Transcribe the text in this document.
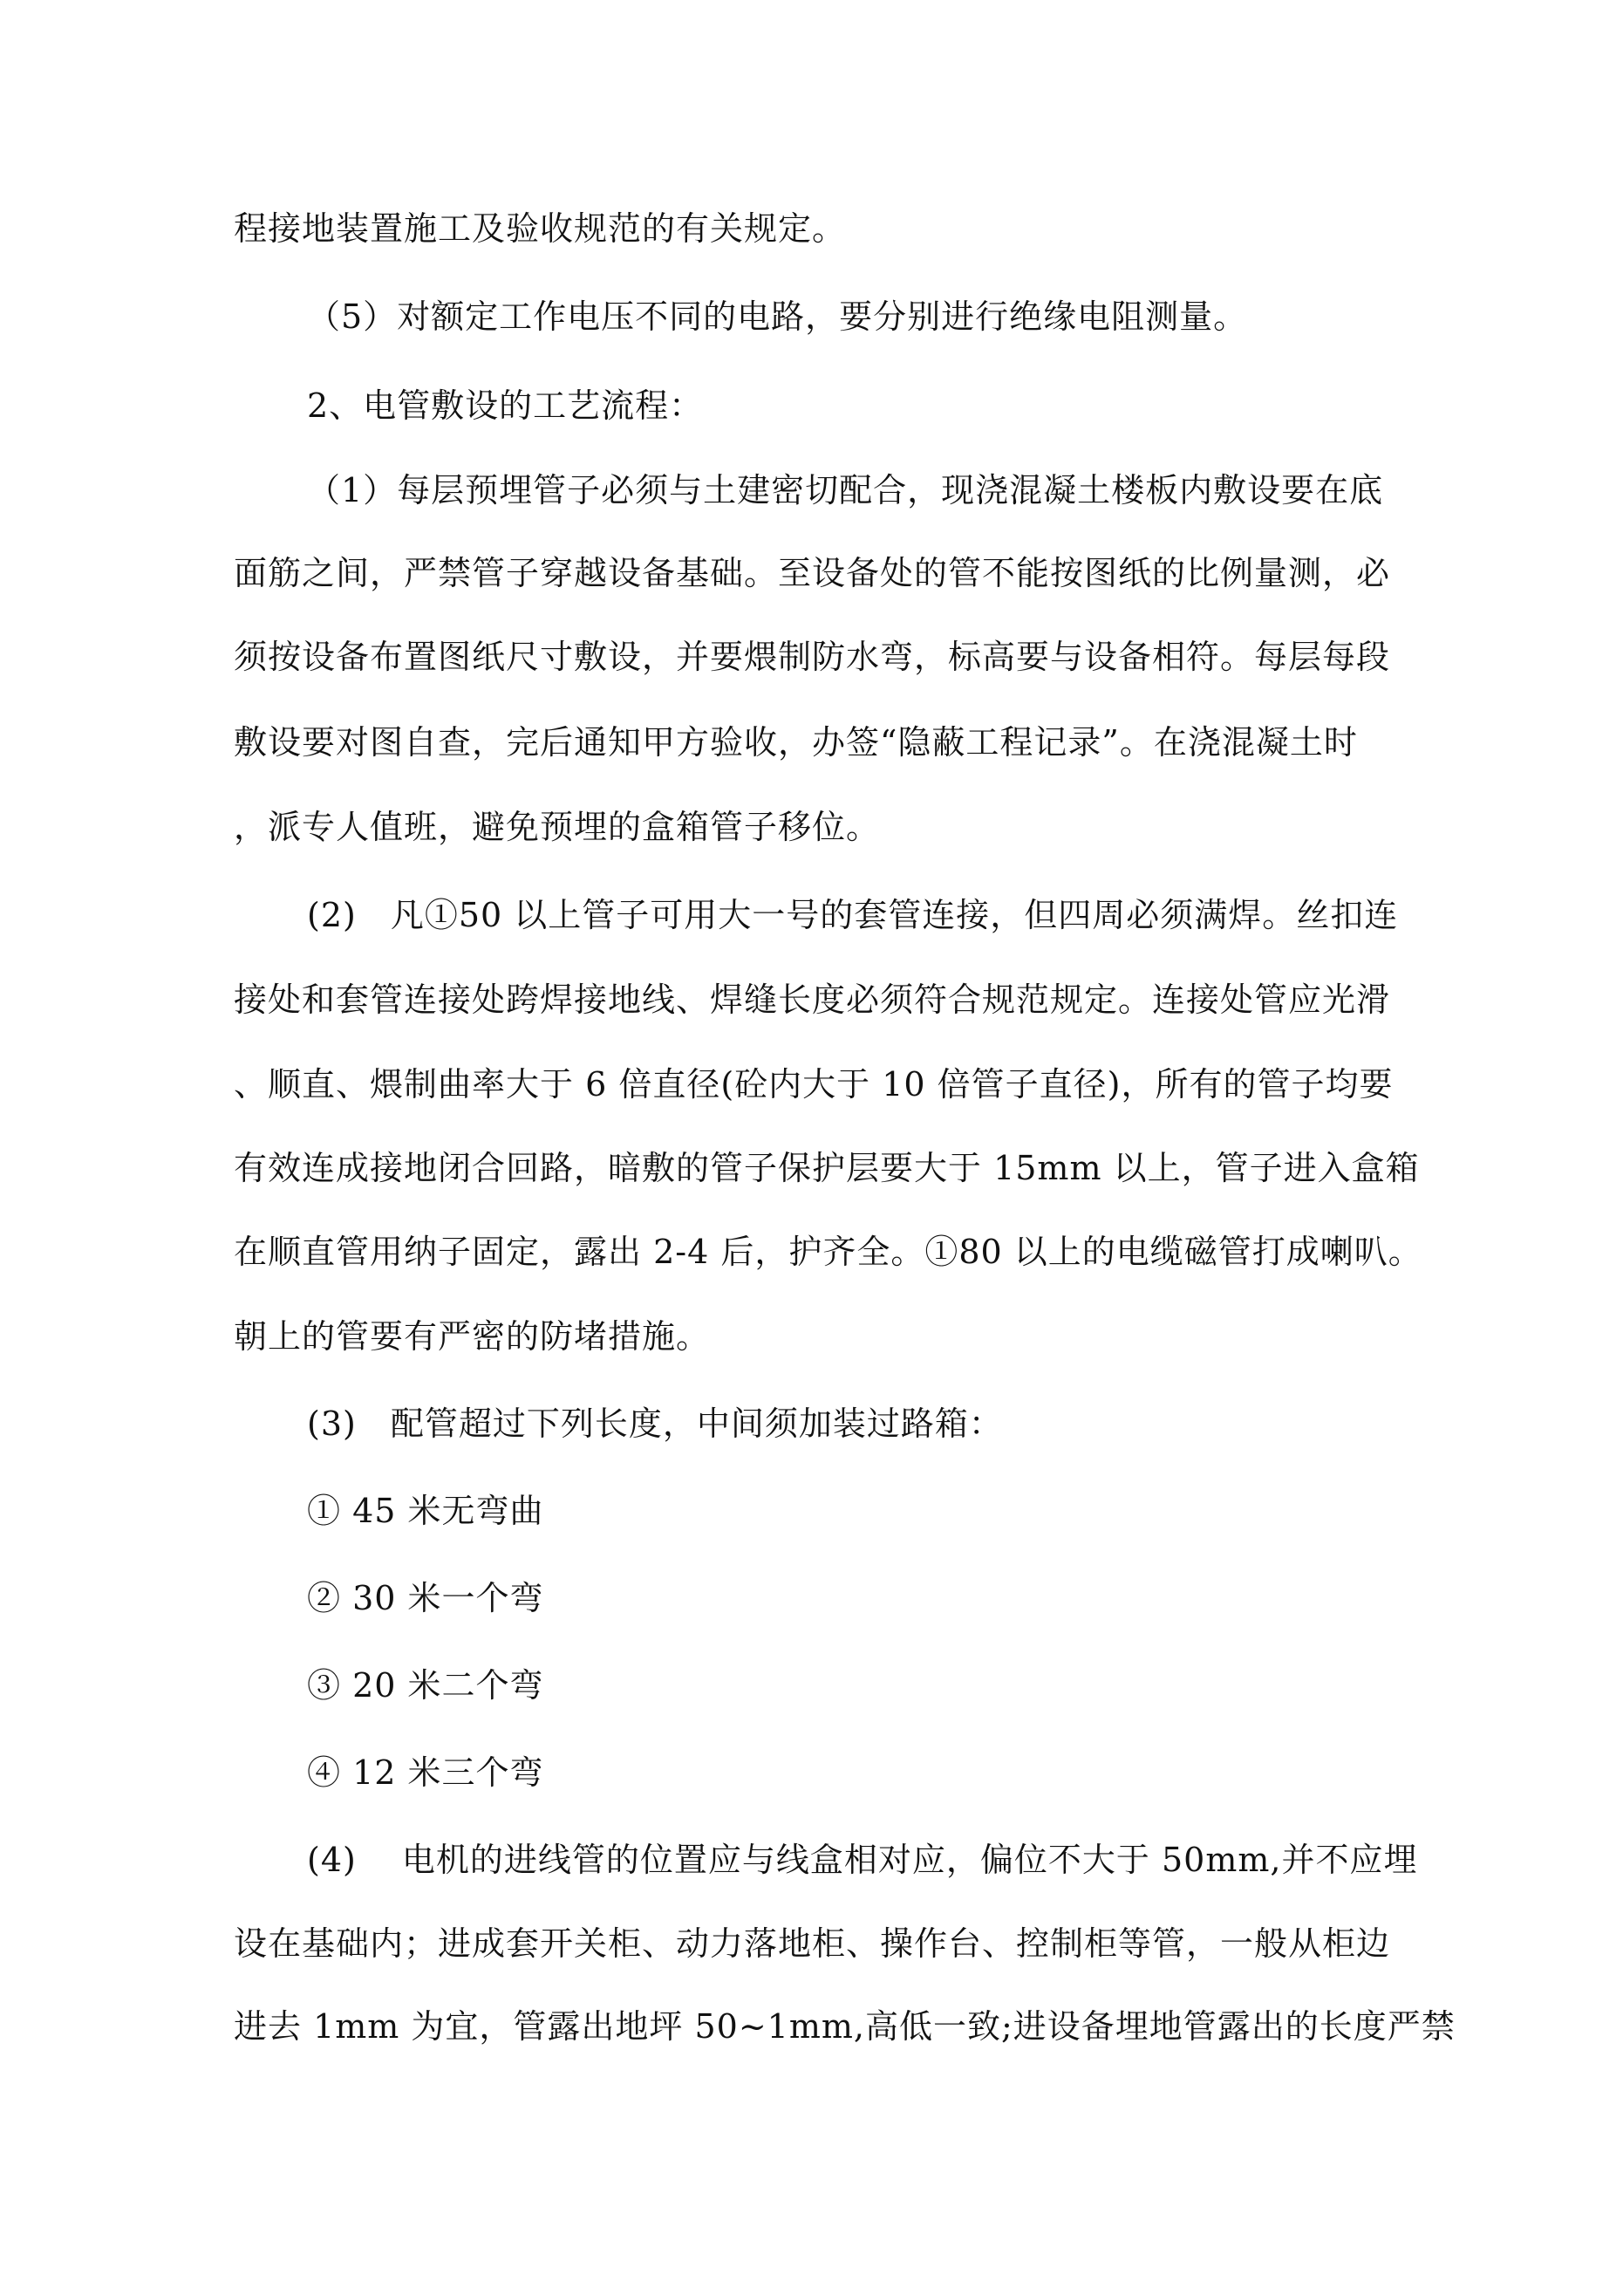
程接地装置施工及验收规范的有关规定。
（5）对额定工作电压不同的电路，要分别进行绝缘电阻测量。
2、电管敷设的工艺流程：
（1）每层预埋管子必须与土建密切配合，现浇混凝土楼板内敷设要在底
面筋之间，严禁管子穿越设备基础。至设备处的管不能按图纸的比例量测，必
须按设备布置图纸尺寸敷设，并要煨制防水弯，标高要与设备相符。每层每段
敷设要对图自查，完后通知甲方验收，办签“隐蔽工程记录”。在浇混凝土时
，派专人值班，避免预埋的盒箱管子移位。
(2)　凡①50 以上管子可用大一号的套管连接，但四周必须满焊。丝扣连
接处和套管连接处跨焊接地线、焊缝长度必须符合规范规定。连接处管应光滑
、顺直、煨制曲率大于 6 倍直径(砼内大于 10 倍管子直径)，所有的管子均要
有效连成接地闭合回路，暗敷的管子保护层要大于 15mm 以上，管子进入盒箱
在顺直管用纳子固定，露出 2-4 后，护齐全。①80 以上的电缆磁管打成喇叭。
朝上的管要有严密的防堵措施。
(3)　配管超过下列长度，中间须加装过路箱：
① 45 米无弯曲
② 30 米一个弯
③ 20 米二个弯
④ 12 米三个弯
(4)　 电机的进线管的位置应与线盒相对应，偏位不大于 50mm,并不应埋
设在基础内；进成套开关柜、动力落地柜、操作台、控制柜等管，一般从柜边
进去 1mm 为宜，管露出地坪 50~1mm,高低一致;进设备埋地管露出的长度严禁
